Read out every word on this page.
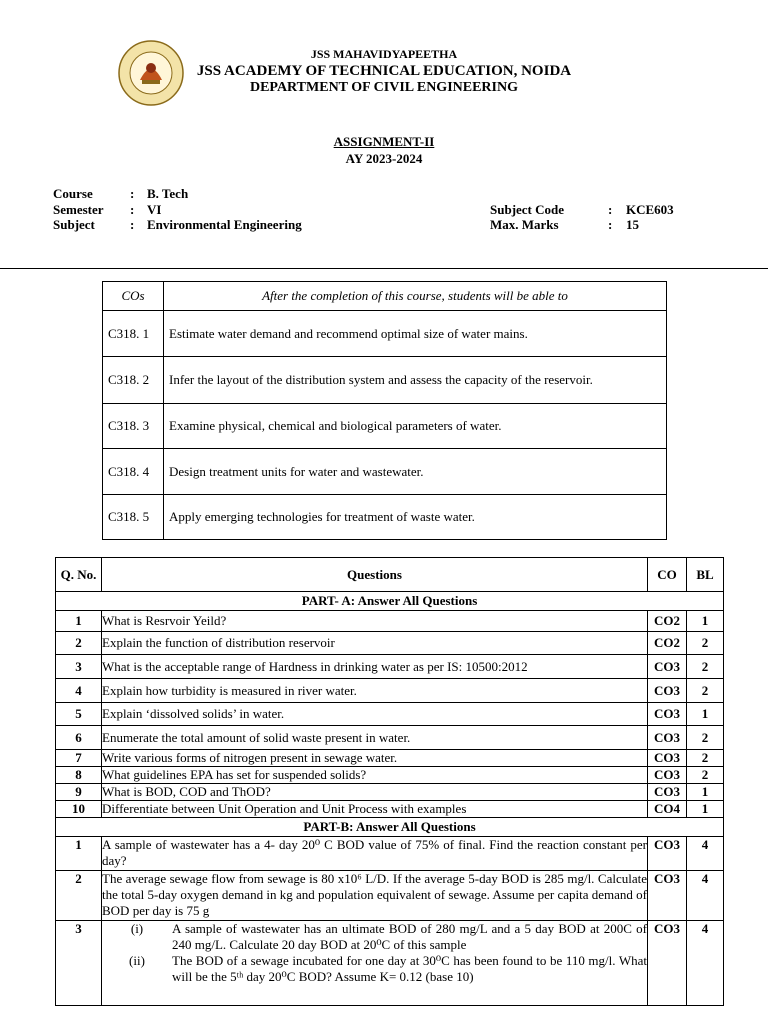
JSS MAHAVIDYAPEETHA
JSS ACADEMY OF TECHNICAL EDUCATION, NOIDA
DEPARTMENT OF CIVIL ENGINEERING
ASSIGNMENT-II
AY 2023-2024
Course	: B. Tech
Semester : VI
Subject	: Environmental Engineering
Subject Code	: KCE603
Max. Marks	: 15
COs	After the completion of this course, students will be able to
C318. 1	Estimate water demand and recommend optimal size of water mains.
C318. 2	Infer the layout of the distribution system and assess the capacity of the reservoir.
C318. 3	Examine physical, chemical and biological parameters of water.
C318. 4	Design treatment units for water and wastewater.
C318. 5	Apply emerging technologies for treatment of waste water.
Q. No.	Questions	CO	BL
PART- A: Answer All Questions			
1	What is Resrvoir Yeild?	CO2	1
2	Explain the function of distribution reservoir	CO2	2
3	What is the acceptable range of Hardness in drinking water as per IS: 10500:2012	CO3	2
4	Explain how turbidity is measured in river water.	CO3	2
5	Explain ‘dissolved solids’ in water.	CO3	1
6	Enumerate the total amount of solid waste present in water.	CO3	2
7	Write various forms of nitrogen present in sewage water.	CO3	2
8	What guidelines EPA has set for suspended solids?	CO3	2
9	What is BOD, COD and ThOD?	CO3	1
10	Differentiate between Unit Operation and Unit Process with examples	CO4	1
PART-B: Answer All Questions			
1	A sample of wastewater has a 4- day 20⁰ C BOD value of 75% of final. Find the reaction constant per day?	CO3	4
2	The average sewage flow from sewage is 80 x10⁶ L/D. If the average 5-day BOD is 285 mg/l. Calculate the total 5-day oxygen demand in kg and population equivalent of sewage. Assume per capita demand of BOD per day is 75 g	CO3	4
3	(i) A sample of wastewater has an ultimate BOD of 280 mg/L and a 5 day BOD at 200C of 240 mg/L. Calculate 20 day BOD at 20⁰C of this sample
(ii) The BOD of a sewage incubated for one day at 30⁰C has been found to be 110 mg/l. What will be the 5ᵗʰ day 20⁰C BOD? Assume K= 0.12 (base 10)	CO3	4
